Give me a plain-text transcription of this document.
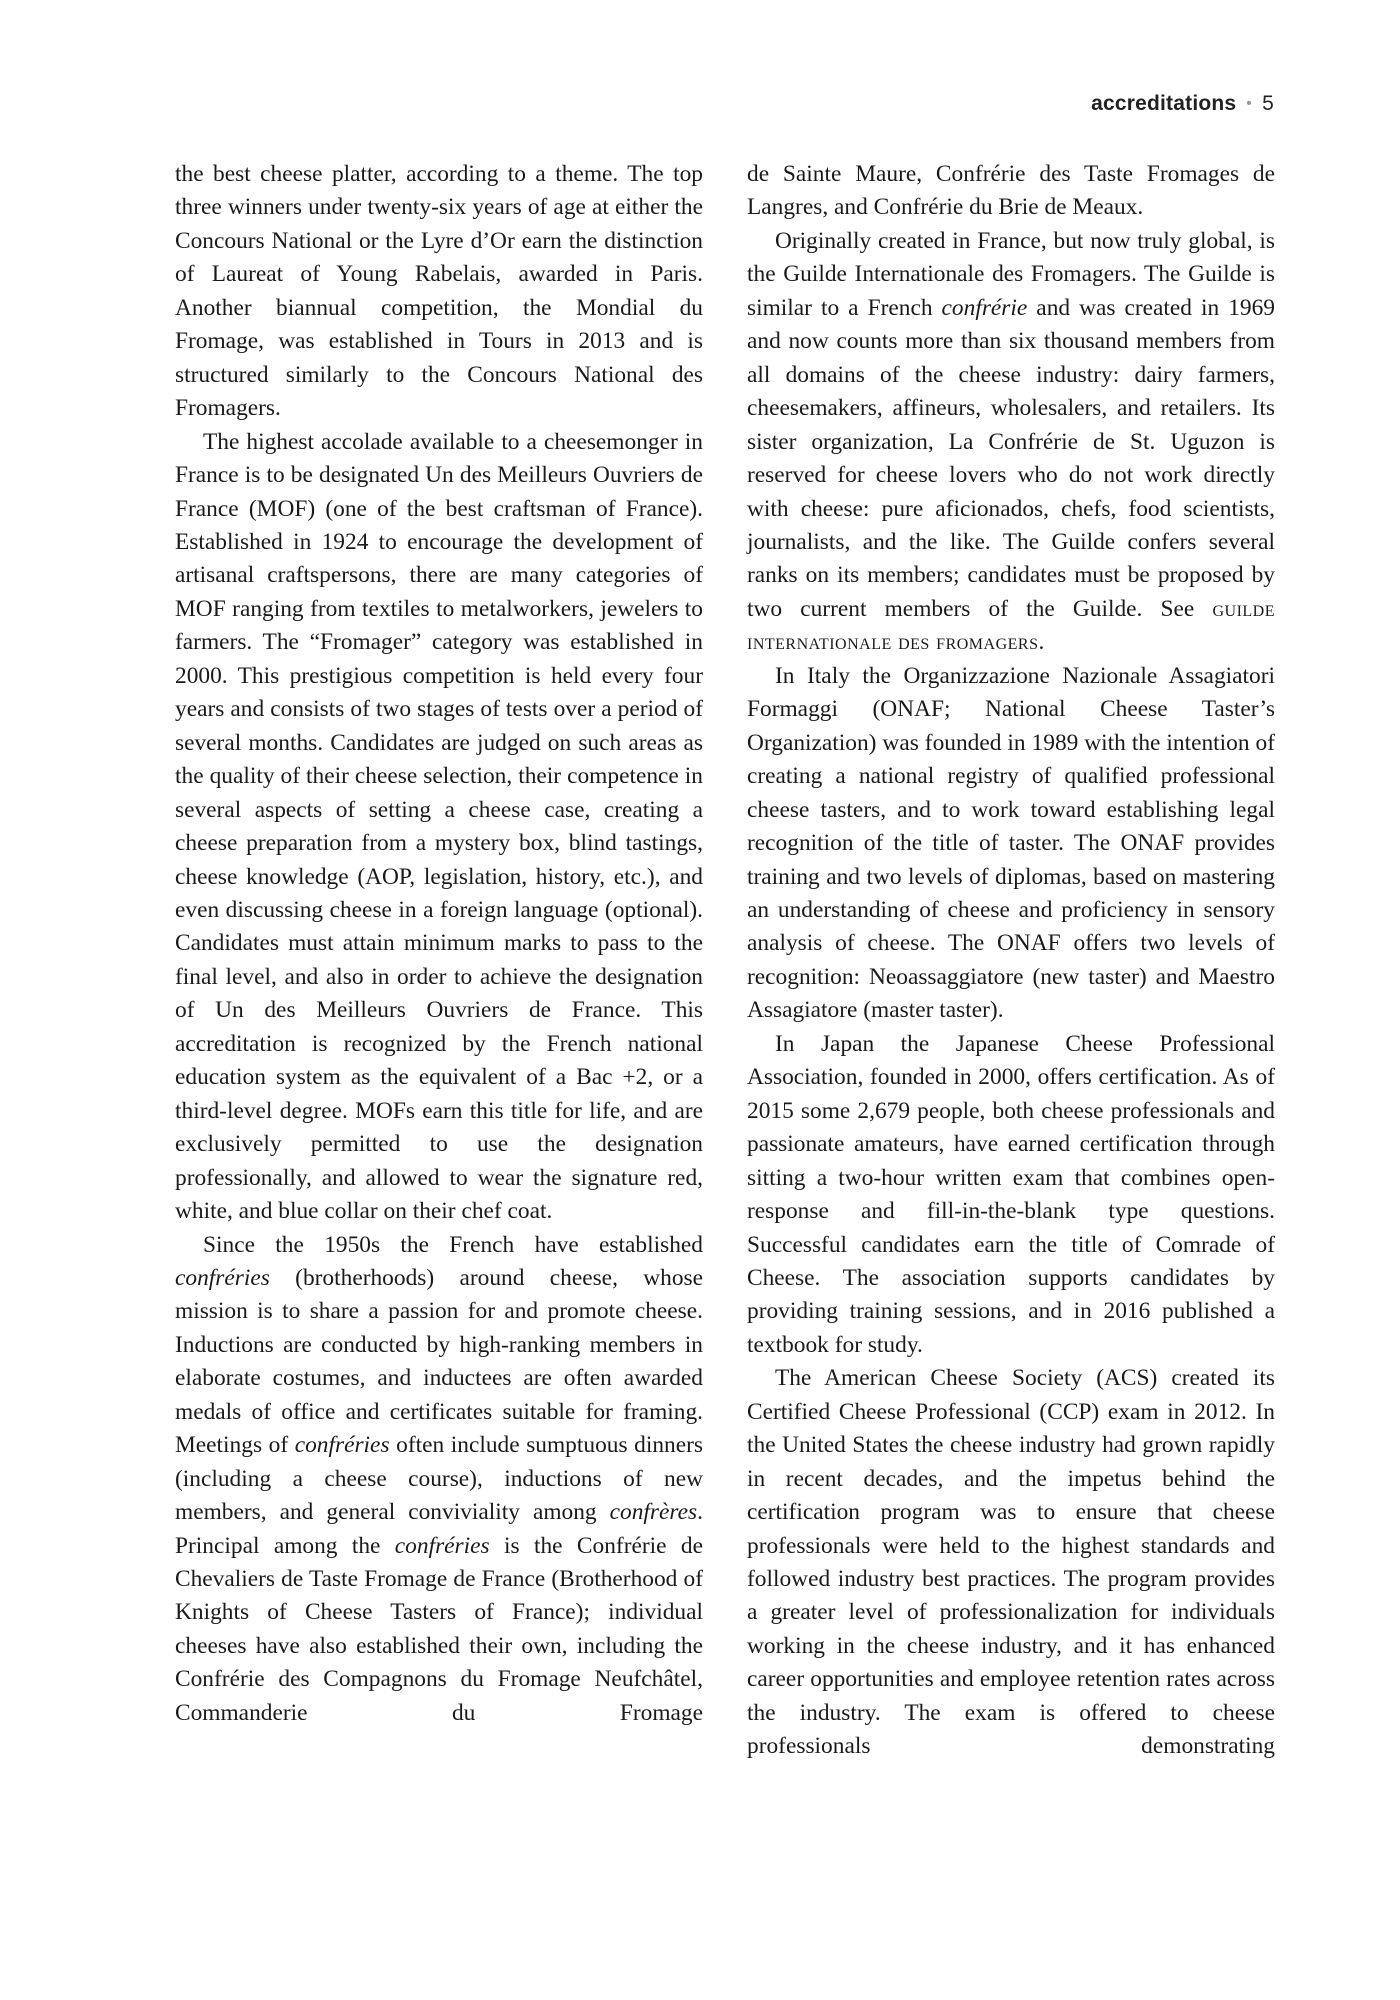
accreditations • 5

the best cheese platter, according to a theme. The top three winners under twenty-six years of age at either the Concours National or the Lyre d’Or earn the distinction of Laureat of Young Rabelais, awarded in Paris. Another biannual competition, the Mondial du Fromage, was established in Tours in 2013 and is structured similarly to the Concours National des Fromagers.

The highest accolade available to a cheesemonger in France is to be designated Un des Meilleurs Ouvriers de France (MOF) (one of the best craftsman of France). Established in 1924 to encourage the development of artisanal craftspersons, there are many categories of MOF ranging from textiles to metalworkers, jewelers to farmers. The “Fromager” category was established in 2000. This prestigious competition is held every four years and consists of two stages of tests over a period of several months. Candidates are judged on such areas as the quality of their cheese selection, their competence in several aspects of setting a cheese case, creating a cheese preparation from a mystery box, blind tastings, cheese knowledge (AOP, legislation, history, etc.), and even discussing cheese in a foreign language (optional). Candidates must attain minimum marks to pass to the final level, and also in order to achieve the designation of Un des Meilleurs Ouvriers de France. This accreditation is recognized by the French national education system as the equivalent of a Bac +2, or a third-level degree. MOFs earn this title for life, and are exclusively permitted to use the designation professionally, and allowed to wear the signature red, white, and blue collar on their chef coat.

Since the 1950s the French have established confréries (brotherhoods) around cheese, whose mission is to share a passion for and promote cheese. Inductions are conducted by high-ranking members in elaborate costumes, and inductees are often awarded medals of office and certificates suitable for framing. Meetings of confréries often include sumptuous dinners (including a cheese course), inductions of new members, and general conviviality among confrères. Principal among the confréries is the Confrérie de Chevaliers de Taste Fromage de France (Brotherhood of Knights of Cheese Tasters of France); individual cheeses have also established their own, including the Confrérie des Compagnons du Fromage Neufchâtel, Commanderie du Fromage

de Sainte Maure, Confrérie des Taste Fromages de Langres, and Confrérie du Brie de Meaux.

Originally created in France, but now truly global, is the Guilde Internationale des Fromagers. The Guilde is similar to a French confrérie and was created in 1969 and now counts more than six thousand members from all domains of the cheese industry: dairy farmers, cheesemakers, affineurs, wholesalers, and retailers. Its sister organization, La Confrérie de St. Uguzon is reserved for cheese lovers who do not work directly with cheese: pure aficionados, chefs, food scientists, journalists, and the like. The Guilde confers several ranks on its members; candidates must be proposed by two current members of the Guilde. See guilde internationale des fromagers.

In Italy the Organizzazione Nazionale Assagiatori Formaggi (ONAF; National Cheese Taster’s Organization) was founded in 1989 with the intention of creating a national registry of qualified professional cheese tasters, and to work toward establishing legal recognition of the title of taster. The ONAF provides training and two levels of diplomas, based on mastering an understanding of cheese and proficiency in sensory analysis of cheese. The ONAF offers two levels of recognition: Neoassaggiatore (new taster) and Maestro Assagiatore (master taster).

In Japan the Japanese Cheese Professional Association, founded in 2000, offers certification. As of 2015 some 2,679 people, both cheese professionals and passionate amateurs, have earned certification through sitting a two-hour written exam that combines open-response and fill-in-the-blank type questions. Successful candidates earn the title of Comrade of Cheese. The association supports candidates by providing training sessions, and in 2016 published a textbook for study.

The American Cheese Society (ACS) created its Certified Cheese Professional (CCP) exam in 2012. In the United States the cheese industry had grown rapidly in recent decades, and the impetus behind the certification program was to ensure that cheese professionals were held to the highest standards and followed industry best practices. The program provides a greater level of professionalization for individuals working in the cheese industry, and it has enhanced career opportunities and employee retention rates across the industry. The exam is offered to cheese professionals demonstrating
